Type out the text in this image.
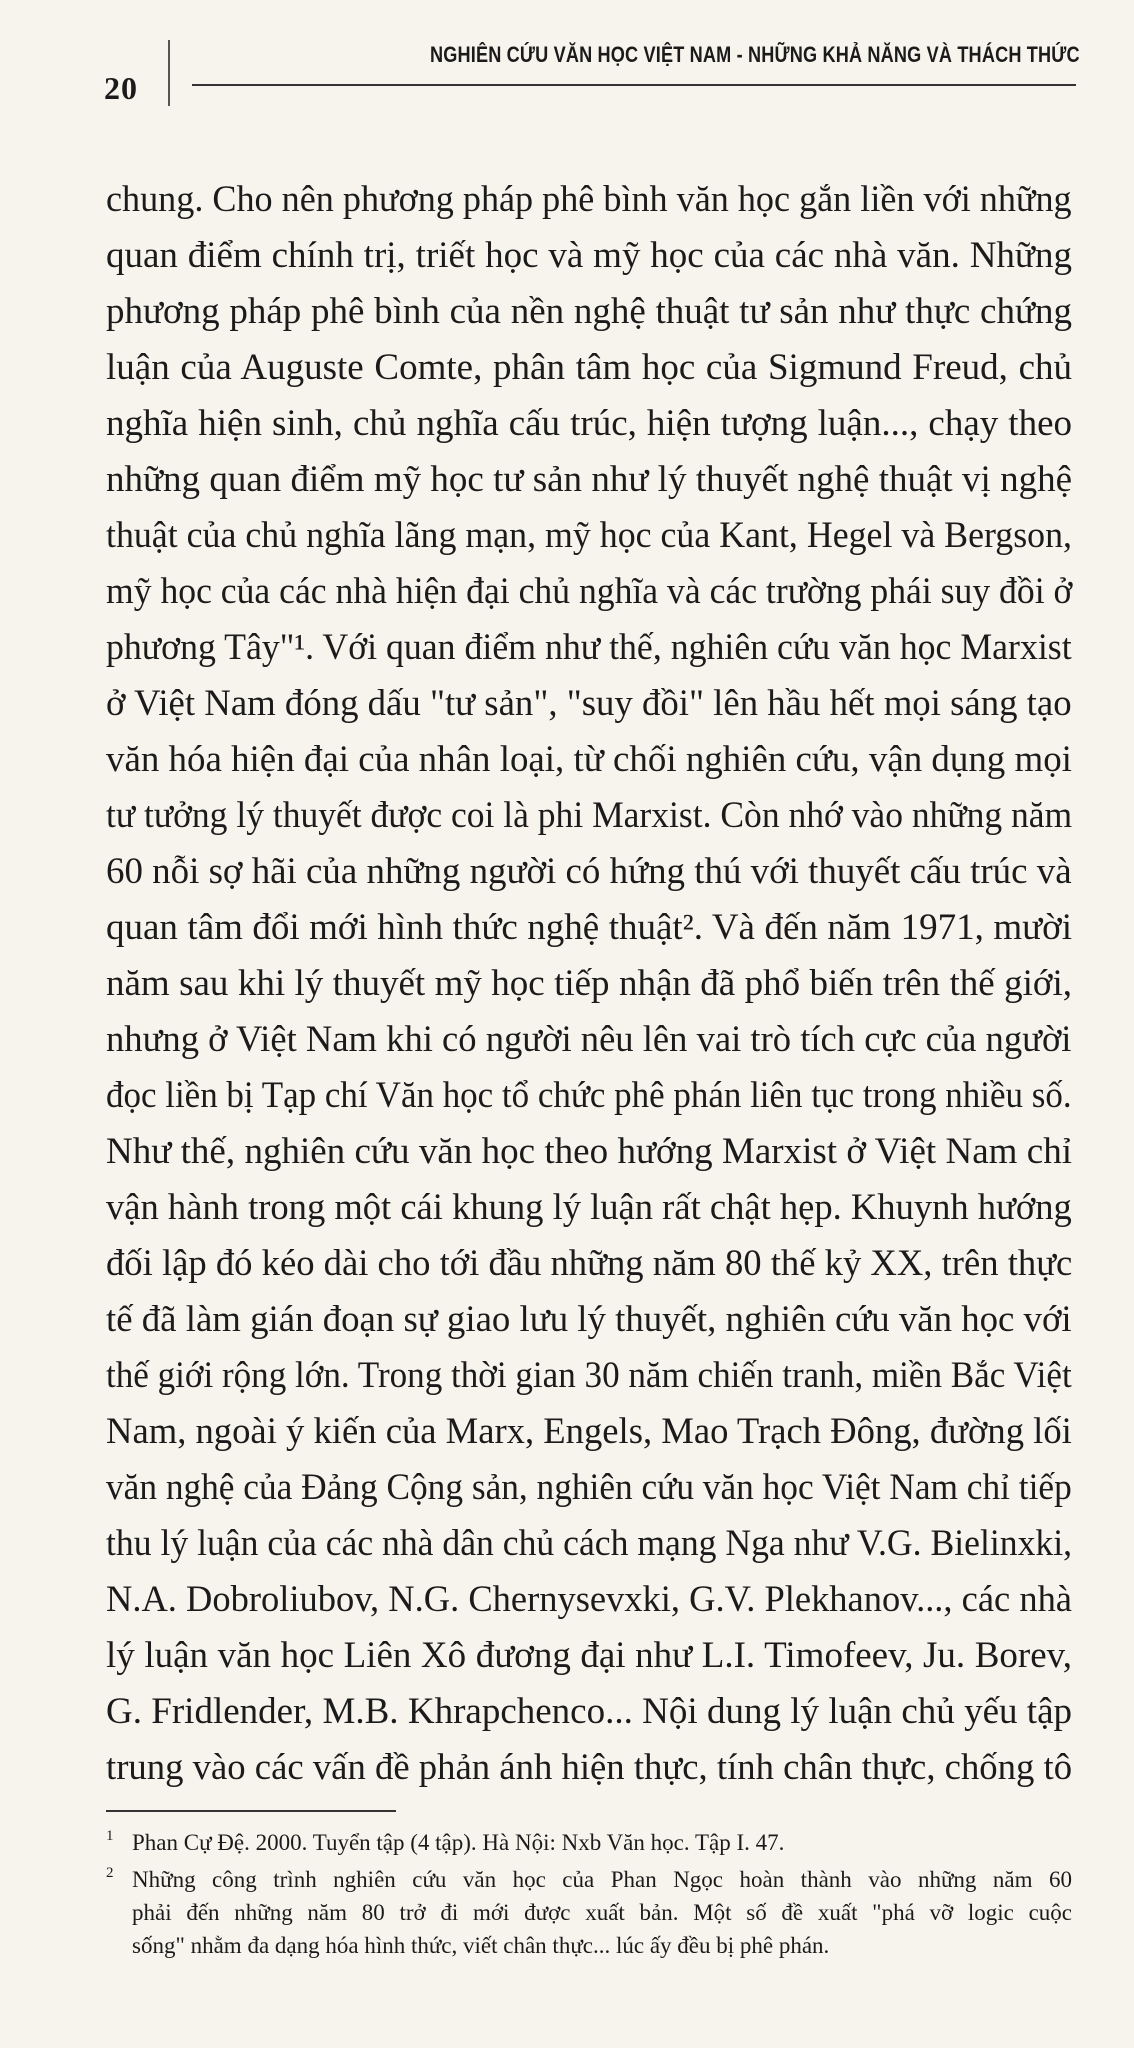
20
NGHIÊN CỨU VĂN HỌC VIỆT NAM - NHỮNG KHẢ NĂNG VÀ THÁCH THỨC
chung. Cho nên phương pháp phê bình văn học gắn liền với những
quan điểm chính trị, triết học và mỹ học của các nhà văn. Những
phương pháp phê bình của nền nghệ thuật tư sản như thực chứng
luận của Auguste Comte, phân tâm học của Sigmund Freud, chủ
nghĩa hiện sinh, chủ nghĩa cấu trúc, hiện tượng luận..., chạy theo
những quan điểm mỹ học tư sản như lý thuyết nghệ thuật vị nghệ
thuật của chủ nghĩa lãng mạn, mỹ học của Kant, Hegel và Bergson,
mỹ học của các nhà hiện đại chủ nghĩa và các trường phái suy đồi ở
phương Tây"¹. Với quan điểm như thế, nghiên cứu văn học Marxist
ở Việt Nam đóng dấu "tư sản", "suy đồi" lên hầu hết mọi sáng tạo
văn hóa hiện đại của nhân loại, từ chối nghiên cứu, vận dụng mọi
tư tưởng lý thuyết được coi là phi Marxist. Còn nhớ vào những năm
60 nỗi sợ hãi của những người có hứng thú với thuyết cấu trúc và
quan tâm đổi mới hình thức nghệ thuật². Và đến năm 1971, mười
năm sau khi lý thuyết mỹ học tiếp nhận đã phổ biến trên thế giới,
nhưng ở Việt Nam khi có người nêu lên vai trò tích cực của người
đọc liền bị Tạp chí Văn học tổ chức phê phán liên tục trong nhiều số.
Như thế, nghiên cứu văn học theo hướng Marxist ở Việt Nam chỉ
vận hành trong một cái khung lý luận rất chật hẹp. Khuynh hướng
đối lập đó kéo dài cho tới đầu những năm 80 thế kỷ XX, trên thực
tế đã làm gián đoạn sự giao lưu lý thuyết, nghiên cứu văn học với
thế giới rộng lớn. Trong thời gian 30 năm chiến tranh, miền Bắc Việt
Nam, ngoài ý kiến của Marx, Engels, Mao Trạch Đông, đường lối
văn nghệ của Đảng Cộng sản, nghiên cứu văn học Việt Nam chỉ tiếp
thu lý luận của các nhà dân chủ cách mạng Nga như V.G. Bielinxki,
N.A. Dobroliubov, N.G. Chernysevxki, G.V. Plekhanov..., các nhà
lý luận văn học Liên Xô đương đại như L.I. Timofeev, Ju. Borev,
G. Fridlender, M.B. Khrapchenco... Nội dung lý luận chủ yếu tập
trung vào các vấn đề phản ánh hiện thực, tính chân thực, chống tô
1 Phan Cự Đệ. 2000. Tuyển tập (4 tập). Hà Nội: Nxb Văn học. Tập I. 47.
2 Những công trình nghiên cứu văn học của Phan Ngọc hoàn thành vào những năm 60
phải đến những năm 80 trở đi mới được xuất bản. Một số đề xuất "phá vỡ logic cuộc
sống" nhằm đa dạng hóa hình thức, viết chân thực... lúc ấy đều bị phê phán.
